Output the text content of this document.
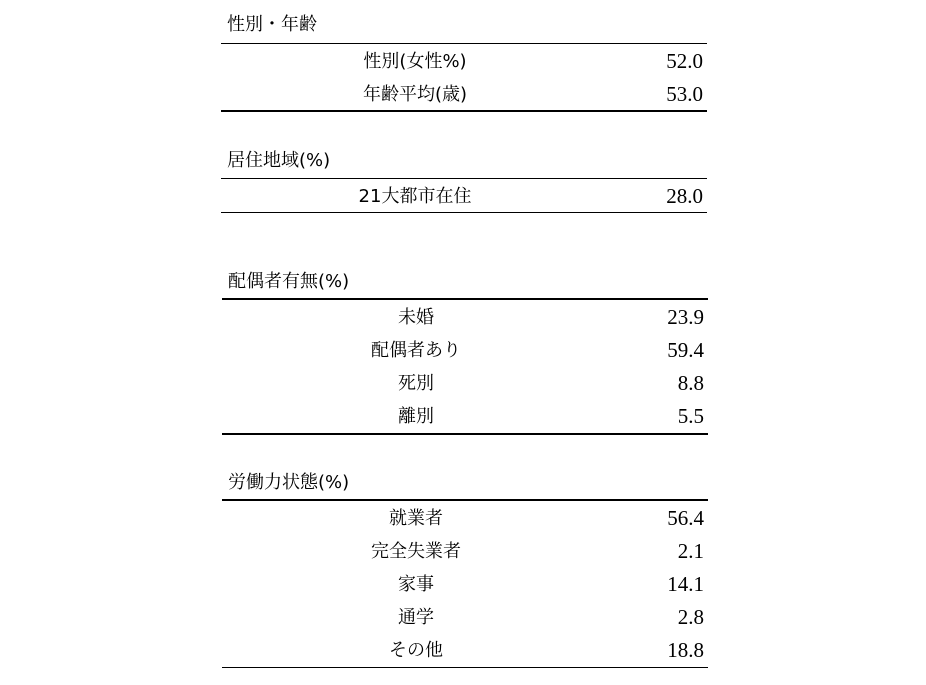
性別・年齢
性別(女性%)	52.0
年齢平均(歳)	53.0
居住地域(%)
21大都市在住	28.0
配偶者有無(%)
未婚	23.9
配偶者あり	59.4
死別	8.8
離別	5.5
労働力状態(%)
就業者	56.4
完全失業者	2.1
家事	14.1
通学	2.8
その他	18.8
